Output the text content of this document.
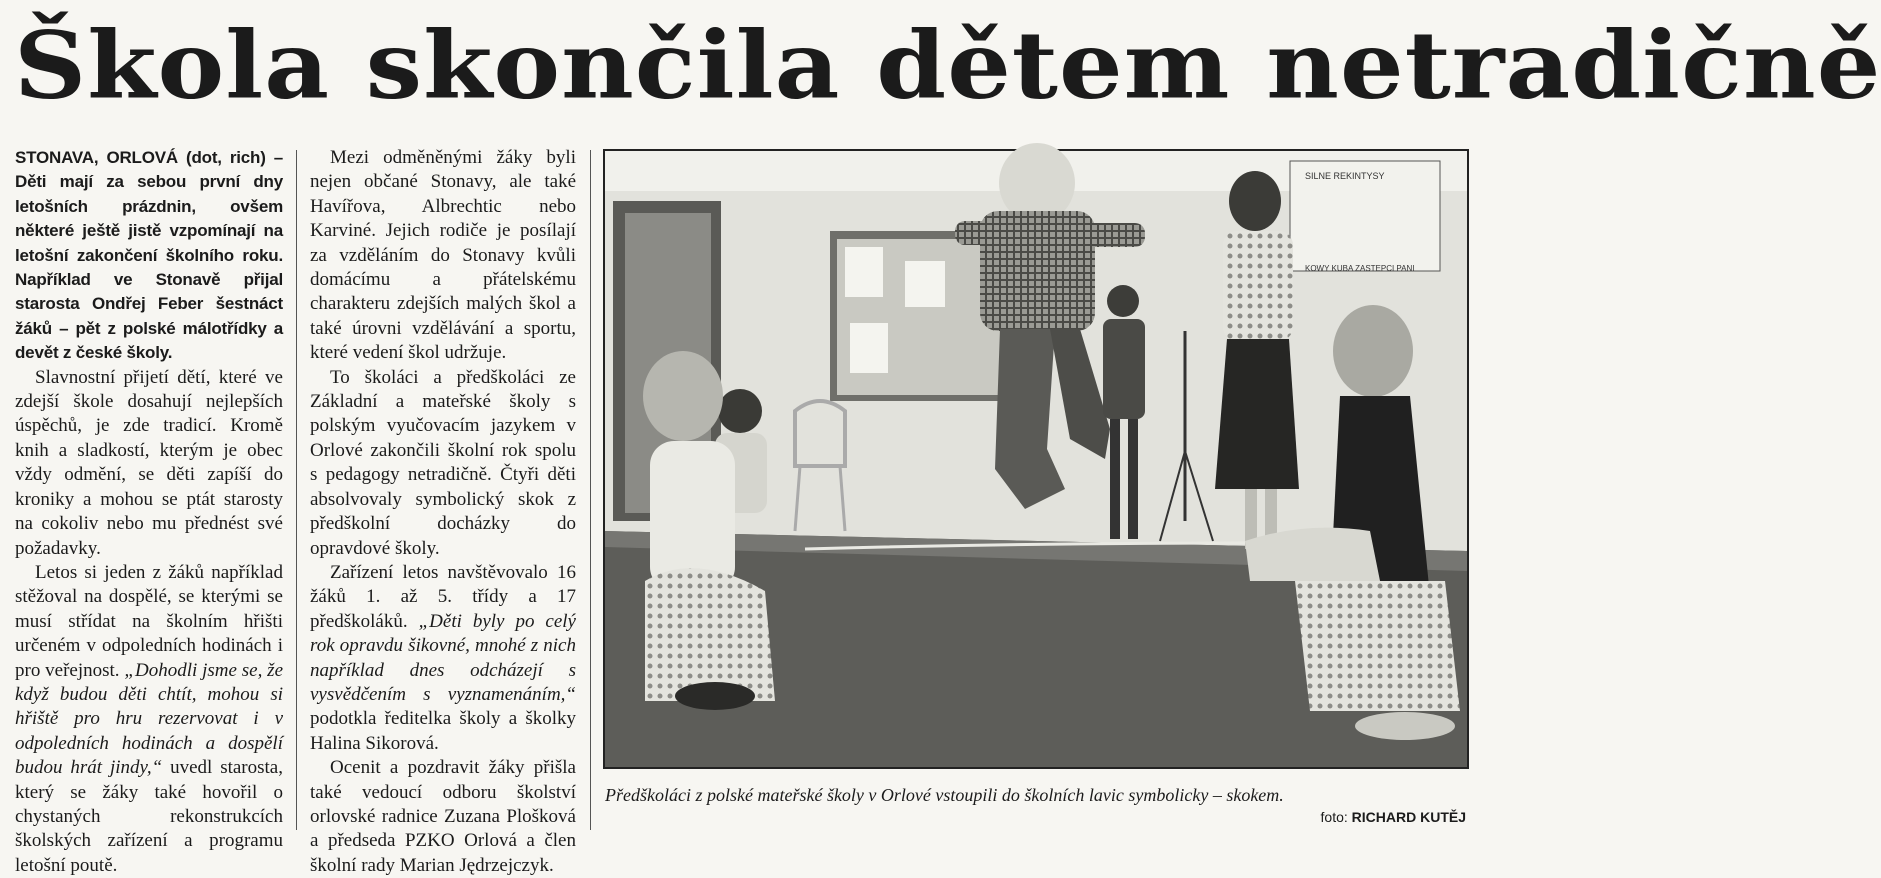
Škola skončila dětem netradičně

STONAVA, ORLOVÁ (dot, rich) – Děti mají za sebou první dny letošních prázdnin, ovšem některé ještě jistě vzpomínají na letošní zakončení školního roku. Například ve Stonavě přijal starosta Ondřej Feber šestnáct žáků – pět z polské málotřídky a devět z české školy.

Slavnostní přijetí dětí, které ve zdejší škole dosahují nejlepších úspěchů, je zde tradicí. Kromě knih a sladkostí, kterým je obec vždy odmění, se děti zapíší do kroniky a mohou se ptát starosty na cokoliv nebo mu přednést své požadavky.

Letos si jeden z žáků například stěžoval na dospělé, se kterými se musí střídat na školním hřišti určeném v odpoledních hodinách i pro veřejnost. „Dohodli jsme se, že když budou děti chtít, mohou si hřiště pro hru rezervovat i v odpoledních hodinách a dospělí budou hrát jindy,“ uvedl starosta, který se žáky také hovořil o chystaných rekonstrukcích školských zařízení a programu letošní poutě.

Mezi odměněnými žáky byli nejen občané Stonavy, ale také Havířova, Albrechtic nebo Karviné. Jejich rodiče je posílají za vzděláním do Stonavy kvůli domácímu a přátelskému charakteru zdejších malých škol a také úrovni vzdělávání a sportu, které vedení škol udržuje.

To školáci a předškoláci ze Základní a mateřské školy s polským vyučovacím jazykem v Orlové zakončili školní rok spolu s pedagogy netradičně. Čtyři děti absolvovaly symbolický skok z předškolní docházky do opravdové školy.

Zařízení letos navštěvovalo 16 žáků 1. až 5. třídy a 17 předškoláků. „Děti byly po celý rok opravdu šikovné, mnohé z nich například dnes odcházejí s vysvědčením s vyznamenáním,“ podotkla ředitelka školy a školky Halina Sikorová.

Ocenit a pozdravit žáky přišla také vedoucí odboru školství orlovské radnice Zuzana Plošková a předseda PZKO Orlová a člen školní rady Marian Jędrzejczyk.

SILNE REKINTYSY
KOWY KUBA ZASTEPCI PANI
Předškoláci z polské mateřské školy v Orlové vstoupili do školních lavic symbolicky – skokem.
foto: RICHARD KUTĚJ
